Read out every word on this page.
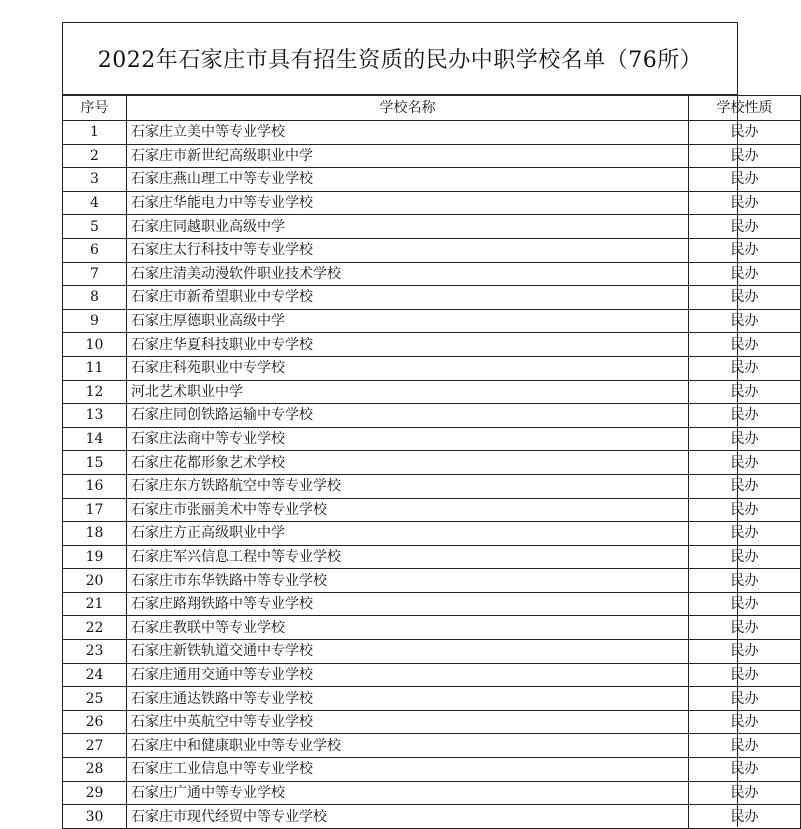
2022年石家庄市具有招生资质的民办中职学校名单（76所）
序号	学校名称	学校性质
1	石家庄立美中等专业学校	民办
2	石家庄市新世纪高级职业中学	民办
3	石家庄燕山理工中等专业学校	民办
4	石家庄华能电力中等专业学校	民办
5	石家庄同越职业高级中学	民办
6	石家庄太行科技中等专业学校	民办
7	石家庄清美动漫软件职业技术学校	民办
8	石家庄市新希望职业中专学校	民办
9	石家庄厚德职业高级中学	民办
10	石家庄华夏科技职业中专学校	民办
11	石家庄科苑职业中专学校	民办
12	河北艺术职业中学	民办
13	石家庄同创铁路运输中专学校	民办
14	石家庄法商中等专业学校	民办
15	石家庄花都形象艺术学校	民办
16	石家庄东方铁路航空中等专业学校	民办
17	石家庄市张丽美术中等专业学校	民办
18	石家庄方正高级职业中学	民办
19	石家庄军兴信息工程中等专业学校	民办
20	石家庄市东华铁路中等专业学校	民办
21	石家庄路翔铁路中等专业学校	民办
22	石家庄教联中等专业学校	民办
23	石家庄新铁轨道交通中专学校	民办
24	石家庄通用交通中等专业学校	民办
25	石家庄通达铁路中等专业学校	民办
26	石家庄中英航空中等专业学校	民办
27	石家庄中和健康职业中等专业学校	民办
28	石家庄工业信息中等专业学校	民办
29	石家庄广通中等专业学校	民办
30	石家庄市现代经贸中等专业学校	民办
